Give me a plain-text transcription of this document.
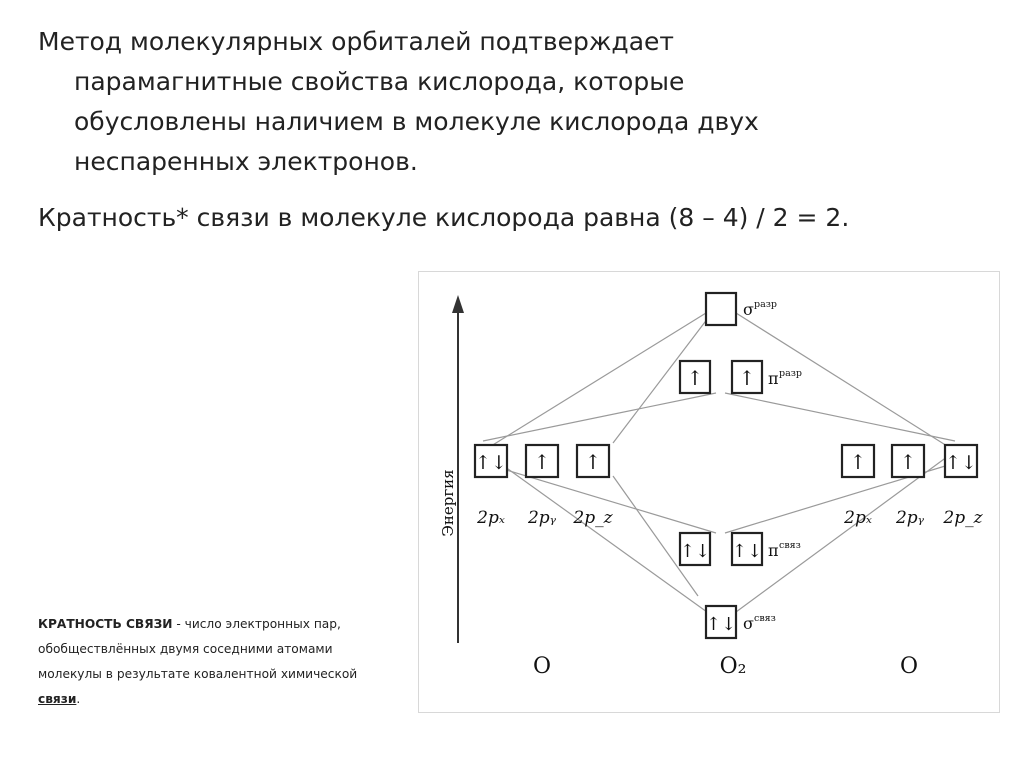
Метод молекулярных орбиталей подтверждает
парамагнитные свойства кислорода, которые
обусловлены наличием в молекуле кислорода двух
неспаренных электронов.
Кратность* связи в молекуле кислорода равна (8 – 4) / 2 = 2.
КРАТНОСТЬ СВЯЗИ - число электронных пар, обобществлённых двумя соседними атомами молекулы в результате ковалентной химической связи.
Энергия
σ разр
↑ ↑ π разр
↑↓ ↑ ↑
2pₓ 2pᵧ 2p_z
↑ ↑ ↑↓
2pₓ 2pᵧ 2p_z
↑↓ ↑↓ π связ
↑↓ σ связ
O	O₂	O
